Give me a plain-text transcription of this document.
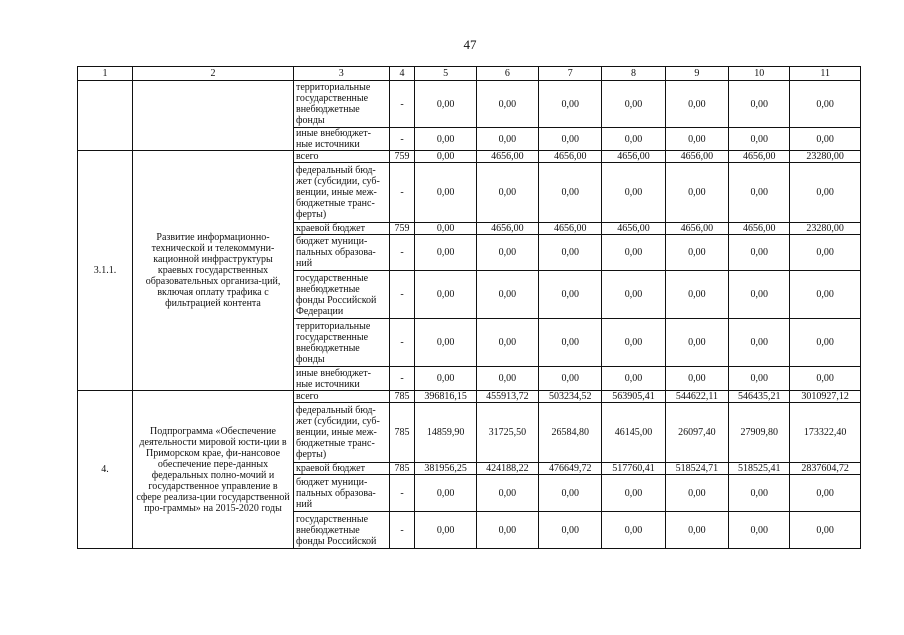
47
1	2	3	4	5	6	7	8	9	10	11
		территориальные государственные внебюджетные фонды	-	0,00	0,00	0,00	0,00	0,00	0,00	0,00
		иные внебюджет-ные источники	-	0,00	0,00	0,00	0,00	0,00	0,00	0,00
3.1.1.	Развитие информационно-технической и телекоммуни-кационной инфраструктуры краевых государственных образовательных организа-ций, включая оплату трафика с фильтрацией контента	всего	759	0,00	4656,00	4656,00	4656,00	4656,00	4656,00	23280,00
		федеральный бюд-жет (субсидии, суб-венции, иные меж-бюджетные транс-ферты)	-	0,00	0,00	0,00	0,00	0,00	0,00	0,00
		краевой бюджет	759	0,00	4656,00	4656,00	4656,00	4656,00	4656,00	23280,00
		бюджет муници-пальных образова-ний	-	0,00	0,00	0,00	0,00	0,00	0,00	0,00
		государственные внебюджетные фонды Российской Федерации	-	0,00	0,00	0,00	0,00	0,00	0,00	0,00
		территориальные государственные внебюджетные фонды	-	0,00	0,00	0,00	0,00	0,00	0,00	0,00
		иные внебюджет-ные источники	-	0,00	0,00	0,00	0,00	0,00	0,00	0,00
4.	Подпрограмма «Обеспечение деятельности мировой юсти-ции в Приморском крае, фи-нансовое обеспечение пере-данных федеральных полно-мочий и государственное управление в сфере реализа-ции государственной про-граммы» на 2015-2020 годы	всего	785	396816,15	455913,72	503234,52	563905,41	544622,11	546435,21	3010927,12
		федеральный бюд-жет (субсидии, суб-венции, иные меж-бюджетные транс-ферты)	785	14859,90	31725,50	26584,80	46145,00	26097,40	27909,80	173322,40
		краевой бюджет	785	381956,25	424188,22	476649,72	517760,41	518524,71	518525,41	2837604,72
		бюджет муници-пальных образова-ний	-	0,00	0,00	0,00	0,00	0,00	0,00	0,00
		государственные внебюджетные фонды Российской	-	0,00	0,00	0,00	0,00	0,00	0,00	0,00
